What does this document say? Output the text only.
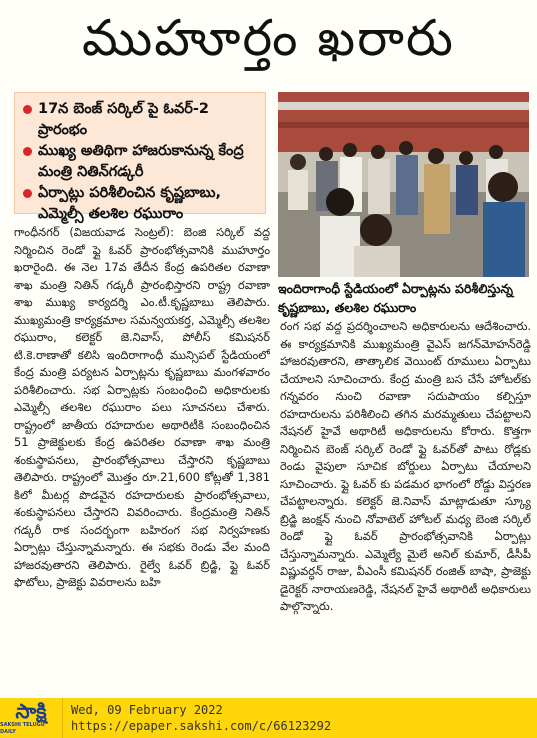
ముహూర్తం ఖరారు
17న బెంజ్ సర్కిల్ పై ఓవర్-2 ప్రారంభం
ముఖ్య అతిథిగా హాజరుకానున్న కేంద్ర మంత్రి నితిన్‌గడ్కరీ
ఏర్పాట్లు పరిశీలించిన కృష్ణబాబు, ఎమ్మెల్సీ తలశిల రఘురాం
ఇందిరాగాంధీ స్టేడియంలో ఏర్పాట్లను పరిశీలిస్తున్న కృష్ణబాబు, తలశిల రఘురాం

గాంధీనగర్ (విజయవాడ సెంట్రల్): బెంజి సర్కిల్ వద్ద నిర్మించిన రెండో ఫ్లై ఓవర్ ప్రారంభోత్సవానికి ముహూర్తం ఖరారైంది. ఈ నెల 17వ తేదీన కేంద్ర ఉపరితల రవాణా శాఖ మంత్రి నితిన్ గడ్కరీ ప్రారంభిస్తారని రాష్ట్ర రవాణా శాఖ ముఖ్య కార్యదర్శి ఎం.టీ.కృష్ణబాబు తెలిపారు. ముఖ్యమంత్రి కార్యక్రమాల సమన్వయకర్త, ఎమ్మెల్సీ తలశిల రఘురాం, కలెక్టర్ జె.నివాస్, పోలీస్ కమిషనర్ టి.కె.రాణాతో కలిసి ఇందిరాగాంధీ మున్సిపల్ స్టేడియంలో కేంద్ర మంత్రి పర్యటన ఏర్పాట్లను కృష్ణబాబు మంగళవారం పరిశీలించారు. సభ ఏర్పాట్లకు సంబంధించి అధికారులకు ఎమ్మెల్సీ తలశిల రఘురాం పలు సూచనలు చేశారు. రాష్ట్రంలో జాతీయ రహదారుల అథారిటీకి సంబంధించిన 51 ప్రాజెక్టులకు కేంద్ర ఉపరితల రవాణా శాఖ మంత్రి శంకుస్థాపనలు, ప్రారంభోత్సవాలు చేస్తారని కృష్ణబాబు తెలిపారు. రాష్ట్రంలో మొత్తం రూ.21,600 కోట్లతో 1,381 కిలో మీటర్ల పొడవైన రహదారులకు ప్రారంభోత్సవాలు, శంకుస్థాపనలు చేస్తారని వివరించారు. కేంద్రమంత్రి నితిన్ గడ్కరీ రాక సందర్భంగా బహిరంగ సభ నిర్వహణకు ఏర్పాట్లు చేస్తున్నామన్నారు. ఈ సభకు రెండు వేల మంది హాజరవుతారని తెలిపారు. రైల్వే ఓవర్ బ్రిడ్జి, ఫ్లై ఓవర్ ఫొటోలు, ప్రాజెక్టు వివరాలను బహి

రంగ సభ వద్ద ప్రదర్శించాలని అధికారులను ఆదేశించారు. ఈ కార్యక్రమానికి ముఖ్యమంత్రి వైఎస్ జగన్‌మోహన్‌రెడ్డి హాజరవుతారని, తాత్కాలిక వెయింట్ రూములు ఏర్పాటు చేయాలని సూచించారు. కేంద్ర మంత్రి బస చేసే హోటల్‌కు గన్నవరం నుంచి రవాణా సదుపాయం కల్పిస్తూ రహదారులను పరిశీలించి తగిన మరమ్మతులు చేపట్టాలని నేషనల్ హైవే అథారిటీ అధికారులను కోరారు. కొత్తగా నిర్మించిన బెంజ్ సర్కిల్ రెండో ఫ్లై ఓవర్‌తో పాటు రోడ్లకు రెండు వైపులా సూచిక బోర్డులు ఏర్పాటు చేయాలని సూచించారు. ఫ్లై ఓవర్ కు పడమర భాగంలో రోడ్డు విస్తరణ చేపట్టాలన్నారు. కలెక్టర్ జె.నివాస్ మాట్లాడుతూ స్క్యూ బ్రిడ్జి జంక్షన్ నుంచి నోవాటెల్ హోటల్ మధ్య బెంజి సర్కిల్ రెండో ఫ్లై ఓవర్ ప్రారంభోత్సవానికి ఏర్పాట్లు చేస్తున్నామన్నారు. ఎమ్మెల్యే మైలే అనిల్ కుమార్, డీసీపీ విష్ణువర్ధన్ రాజు, వీఎంసీ కమిషనర్ రంజిత్ బాషా, ప్రాజెక్టు డైరెక్టర్ నారాయణరెడ్డి, నేషనల్ హైవే అథారిటీ అధికారులు పాల్గొన్నారు.

సాక్షి
SAKSHI TELUGU DAILY
Wed, 09 February 2022
https://epaper.sakshi.com/c/66123292
